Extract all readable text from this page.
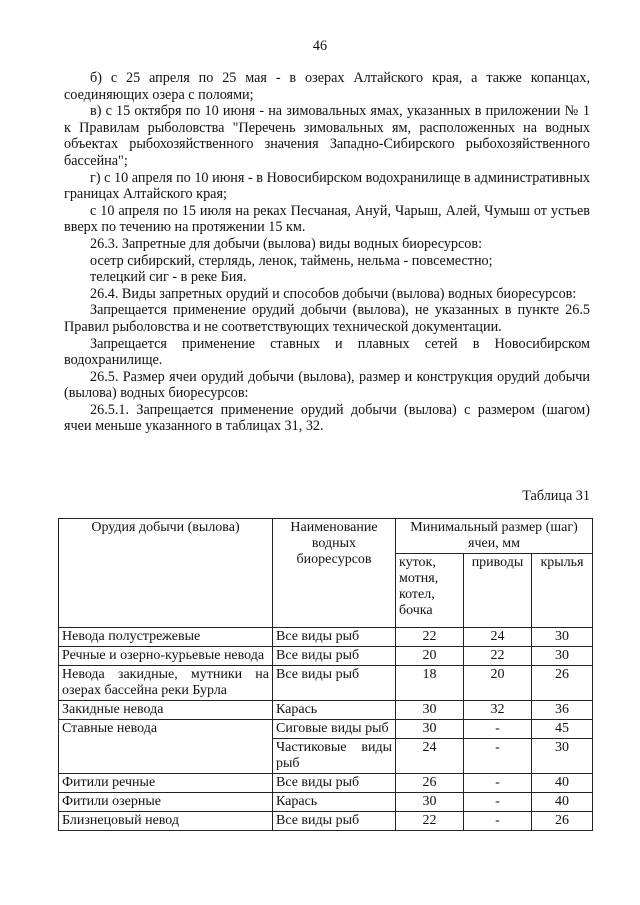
46

б) с 25 апреля по 25 мая - в озерах Алтайского края, а также копанцах, соединяющих озера с полоями;

в) с 15 октября по 10 июня - на зимовальных ямах, указанных в приложении № 1 к Правилам рыболовства "Перечень зимовальных ям, расположенных на водных объектах рыбохозяйственного значения Западно-Сибирского рыбохозяйственного бассейна";

г) с 10 апреля по 10 июня - в Новосибирском водохранилище в административных границах Алтайского края;

с 10 апреля по 15 июля на реках Песчаная, Ануй, Чарыш, Алей, Чумыш от устьев вверх по течению на протяжении 15 км.

26.3. Запретные для добычи (вылова) виды водных биоресурсов:

осетр сибирский, стерлядь, ленок, таймень, нельма - повсеместно;

телецкий сиг - в реке Бия.

26.4. Виды запретных орудий и способов добычи (вылова) водных биоресурсов:

Запрещается применение орудий добычи (вылова), не указанных в пункте 26.5 Правил рыболовства и не соответствующих технической документации.

Запрещается применение ставных и плавных сетей в Новосибирском водохранилище.

26.5. Размер ячеи орудий добычи (вылова), размер и конструкция орудий добычи (вылова) водных биоресурсов:

26.5.1. Запрещается применение орудий добычи (вылова) с размером (шагом) ячеи меньше указанного в таблицах 31, 32.

Таблица 31
Орудия добычи (вылова)	Наименование водных биоресурсов	Минимальный размер (шаг) ячеи, мм		
		куток, мотня, котел, бочка	приводы	крылья
Невода полустрежевые	Все виды рыб	22	24	30
Речные и озерно-курьевые невода	Все виды рыб	20	22	30
Невода закидные, мутники на озерах бассейна реки Бурла	Все виды рыб	18	20	26
Закидные невода	Карась	30	32	36
Ставные невода	Сиговые виды рыб	30	-	45
	Частиковые виды рыб	24	-	30
Фитили речные	Все виды рыб	26	-	40
Фитили озерные	Карась	30	-	40
Близнецовый невод	Все виды рыб	22	-	26
